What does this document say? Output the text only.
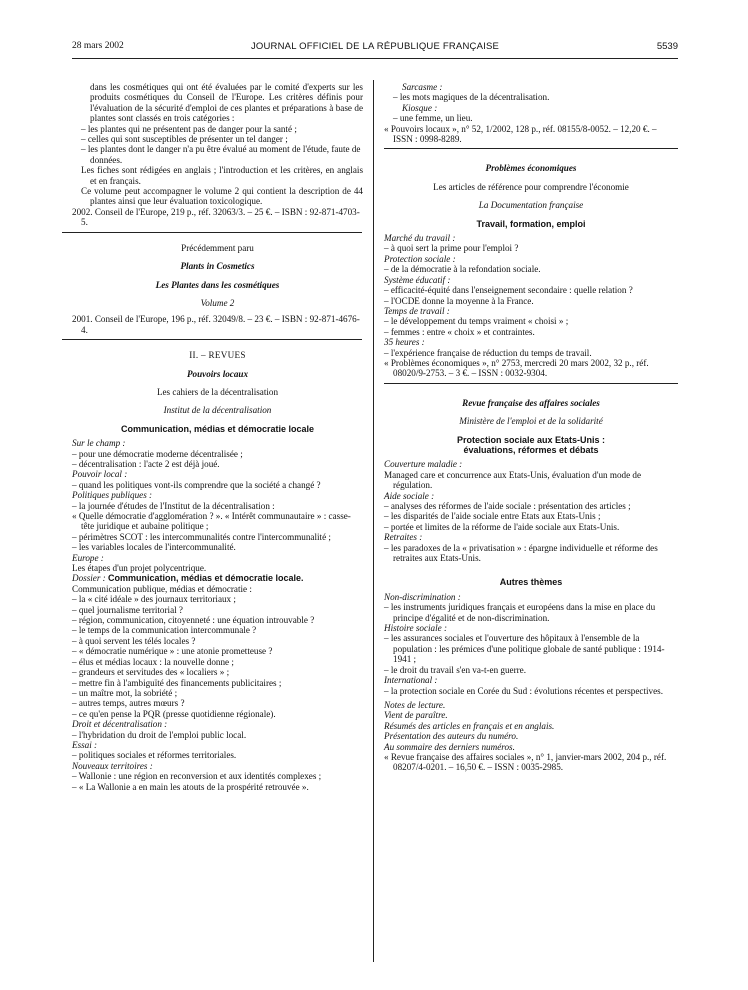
28 mars 2002	JOURNAL OFFICIEL DE LA RÉPUBLIQUE FRANÇAISE	5539

dans les cosmétiques qui ont été évaluées par le comité d'experts sur les produits cosmétiques du Conseil de l'Europe. Les critères définis pour l'évaluation de la sécurité d'emploi de ces plantes et préparations à base de plantes sont classés en trois catégories :

– les plantes qui ne présentent pas de danger pour la santé ;

– celles qui sont susceptibles de présenter un tel danger ;

– les plantes dont le danger n'a pu être évalué au moment de l'étude, faute de données.

Les fiches sont rédigées en anglais ; l'introduction et les critères, en anglais et en français.

Ce volume peut accompagner le volume 2 qui contient la description de 44 plantes ainsi que leur évaluation toxicologique.

2002. Conseil de l'Europe, 219 p., réf. 32063/3. – 25 €. – ISBN : 92-871-4703-5.

Précédemment paru

Plants in Cosmetics

Les Plantes dans les cosmétiques

Volume 2

2001. Conseil de l'Europe, 196 p., réf. 32049/8. – 23 €. – ISBN : 92-871-4676-4.

II. – REVUES

Pouvoirs locaux

Les cahiers de la décentralisation

Institut de la décentralisation

Communication, médias et démocratie locale

Sur le champ :

– pour une démocratie moderne décentralisée ;

– décentralisation : l'acte 2 est déjà joué.

Pouvoir local :

– quand les politiques vont-ils comprendre que la société a changé ?

Politiques publiques :

– la journée d'études de l'Institut de la décentralisation :

« Quelle démocratie d'agglomération ? ». « Intérêt communautaire » : casse-tête juridique et aubaine politique ;

– périmètres SCOT : les intercommunalités contre l'intercommunalité ;

– les variables locales de l'intercommunalité.

Europe :

Les étapes d'un projet polycentrique.

Dossier : Communication, médias et démocratie locale.

Communication publique, médias et démocratie :

– la « cité idéale » des journaux territoriaux ;

– quel journalisme territorial ?

– région, communication, citoyenneté : une équation introuvable ?

– le temps de la communication intercommunale ?

– à quoi servent les télés locales ?

– « démocratie numérique » : une atonie prometteuse ?

– élus et médias locaux : la nouvelle donne ;

– grandeurs et servitudes des « localiers » ;

– mettre fin à l'ambiguïté des financements publicitaires ;

– un maître mot, la sobriété ;

– autres temps, autres mœurs ?

– ce qu'en pense la PQR (presse quotidienne régionale).

Droit et décentralisation :

– l'hybridation du droit de l'emploi public local.

Essai :

– politiques sociales et réformes territoriales.

Nouveaux territoires :

– Wallonie : une région en reconversion et aux identités complexes ;

– « La Wallonie a en main les atouts de la prospérité retrouvée ».

Sarcasme :

– les mots magiques de la décentralisation.

Kiosque :

– une femme, un lieu.

« Pouvoirs locaux », n° 52, 1/2002, 128 p., réf. 08155/8-0052. – 12,20 €. – ISSN : 0998-8289.

Problèmes économiques

Les articles de référence pour comprendre l'économie

La Documentation française

Travail, formation, emploi

Marché du travail :

– à quoi sert la prime pour l'emploi ?

Protection sociale :

– de la démocratie à la refondation sociale.

Système éducatif :

– efficacité-équité dans l'enseignement secondaire : quelle relation ?

– l'OCDE donne la moyenne à la France.

Temps de travail :

– le développement du temps vraiment « choisi » ;

– femmes : entre « choix » et contraintes.

35 heures :

– l'expérience française de réduction du temps de travail.

« Problèmes économiques », n° 2753, mercredi 20 mars 2002, 32 p., réf. 08020/9-2753. – 3 €. – ISSN : 0032-9304.

Revue française des affaires sociales

Ministère de l'emploi et de la solidarité

Protection sociale aux Etats-Unis :

évaluations, réformes et débats

Couverture maladie :

Managed care et concurrence aux Etats-Unis, évaluation d'un mode de régulation.

Aide sociale :

– analyses des réformes de l'aide sociale : présentation des articles ;

– les disparités de l'aide sociale entre Etats aux Etats-Unis ;

– portée et limites de la réforme de l'aide sociale aux Etats-Unis.

Retraites :

– les paradoxes de la « privatisation » : épargne individuelle et réforme des retraites aux Etats-Unis.

Autres thèmes

Non-discrimination :

– les instruments juridiques français et européens dans la mise en place du principe d'égalité et de non-discrimination.

Histoire sociale :

– les assurances sociales et l'ouverture des hôpitaux à l'ensemble de la population : les prémices d'une politique globale de santé publique : 1914-1941 ;

– le droit du travail s'en va-t-en guerre.

International :

– la protection sociale en Corée du Sud : évolutions récentes et perspectives.

Notes de lecture.

Vient de paraître.

Résumés des articles en français et en anglais.

Présentation des auteurs du numéro.

Au sommaire des derniers numéros.

« Revue française des affaires sociales », n° 1, janvier-mars 2002, 204 p., réf. 08207/4-0201. – 16,50 €. – ISSN : 0035-2985.
